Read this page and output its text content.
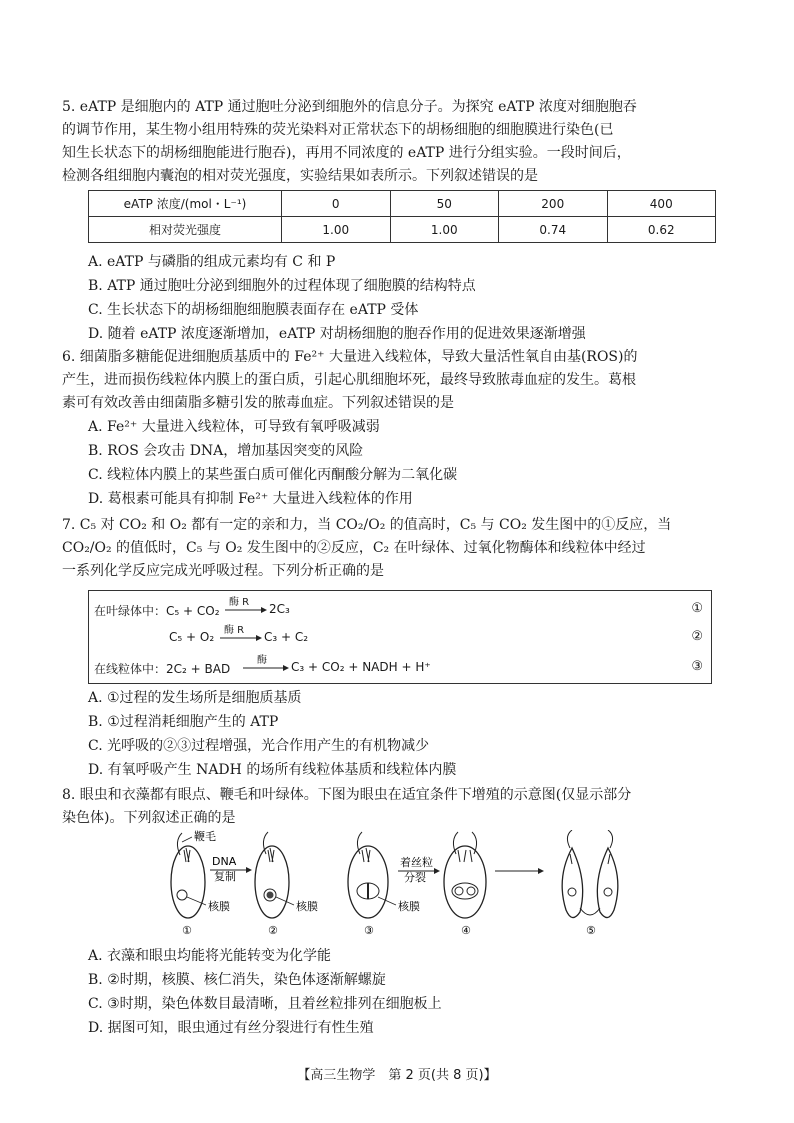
5. eATP 是细胞内的 ATP 通过胞吐分泌到细胞外的信息分子。为探究 eATP 浓度对细胞胞吞

的调节作用，某生物小组用特殊的荧光染料对正常状态下的胡杨细胞的细胞膜进行染色(已

知生长状态下的胡杨细胞能进行胞吞)，再用不同浓度的 eATP 进行分组实验。一段时间后，

检测各组细胞内囊泡的相对荧光强度，实验结果如表所示。下列叙述错误的是

eATP 浓度/(mol・L⁻¹)	0	50	200	400
相对荧光强度	1.00	1.00	0.74	0.62

A. eATP 与磷脂的组成元素均有 C 和 P

B. ATP 通过胞吐分泌到细胞外的过程体现了细胞膜的结构特点

C. 生长状态下的胡杨细胞细胞膜表面存在 eATP 受体

D. 随着 eATP 浓度逐渐增加，eATP 对胡杨细胞的胞吞作用的促进效果逐渐增强

6. 细菌脂多糖能促进细胞质基质中的 Fe²⁺ 大量进入线粒体，导致大量活性氧自由基(ROS)的

产生，进而损伤线粒体内膜上的蛋白质，引起心肌细胞坏死，最终导致脓毒血症的发生。葛根

素可有效改善由细菌脂多糖引发的脓毒血症。下列叙述错误的是

A. Fe²⁺ 大量进入线粒体，可导致有氧呼吸减弱

B. ROS 会攻击 DNA，增加基因突变的风险

C. 线粒体内膜上的某些蛋白质可催化丙酮酸分解为二氧化碳

D. 葛根素可能具有抑制 Fe²⁺ 大量进入线粒体的作用

7. C₅ 对 CO₂ 和 O₂ 都有一定的亲和力，当 CO₂/O₂ 的值高时，C₅ 与 CO₂ 发生图中的①反应，当

CO₂/O₂ 的值低时，C₅ 与 O₂ 发生图中的②反应，C₂ 在叶绿体、过氧化物酶体和线粒体中经过

一系列化学反应完成光呼吸过程。下列分析正确的是

在叶绿体中：C₅ + CO₂
酶 R 2C₃	①
C₅ + O₂ 酶 R C₃ + C₂	②
在线粒体中：2C₂ + BAD
酶 C₃ + CO₂ + NADH + H⁺	③

A. ①过程的发生场所是细胞质基质

B. ①过程消耗细胞产生的 ATP

C. 光呼吸的②③过程增强，光合作用产生的有机物减少

D. 有氧呼吸产生 NADH 的场所有线粒体基质和线粒体内膜

8. 眼虫和衣藻都有眼点、鞭毛和叶绿体。下图为眼虫在适宜条件下增殖的示意图(仅显示部分

染色体)。下列叙述正确的是

鞭毛
核膜
①
DNA
复制
核膜
②
核膜
③
着丝粒
分裂
④	⑤

A. 衣藻和眼虫均能将光能转变为化学能

B. ②时期，核膜、核仁消失，染色体逐渐解螺旋

C. ③时期，染色体数目最清晰，且着丝粒排列在细胞板上

D. 据图可知，眼虫通过有丝分裂进行有性生殖

【高三生物学　第 2 页(共 8 页)】
